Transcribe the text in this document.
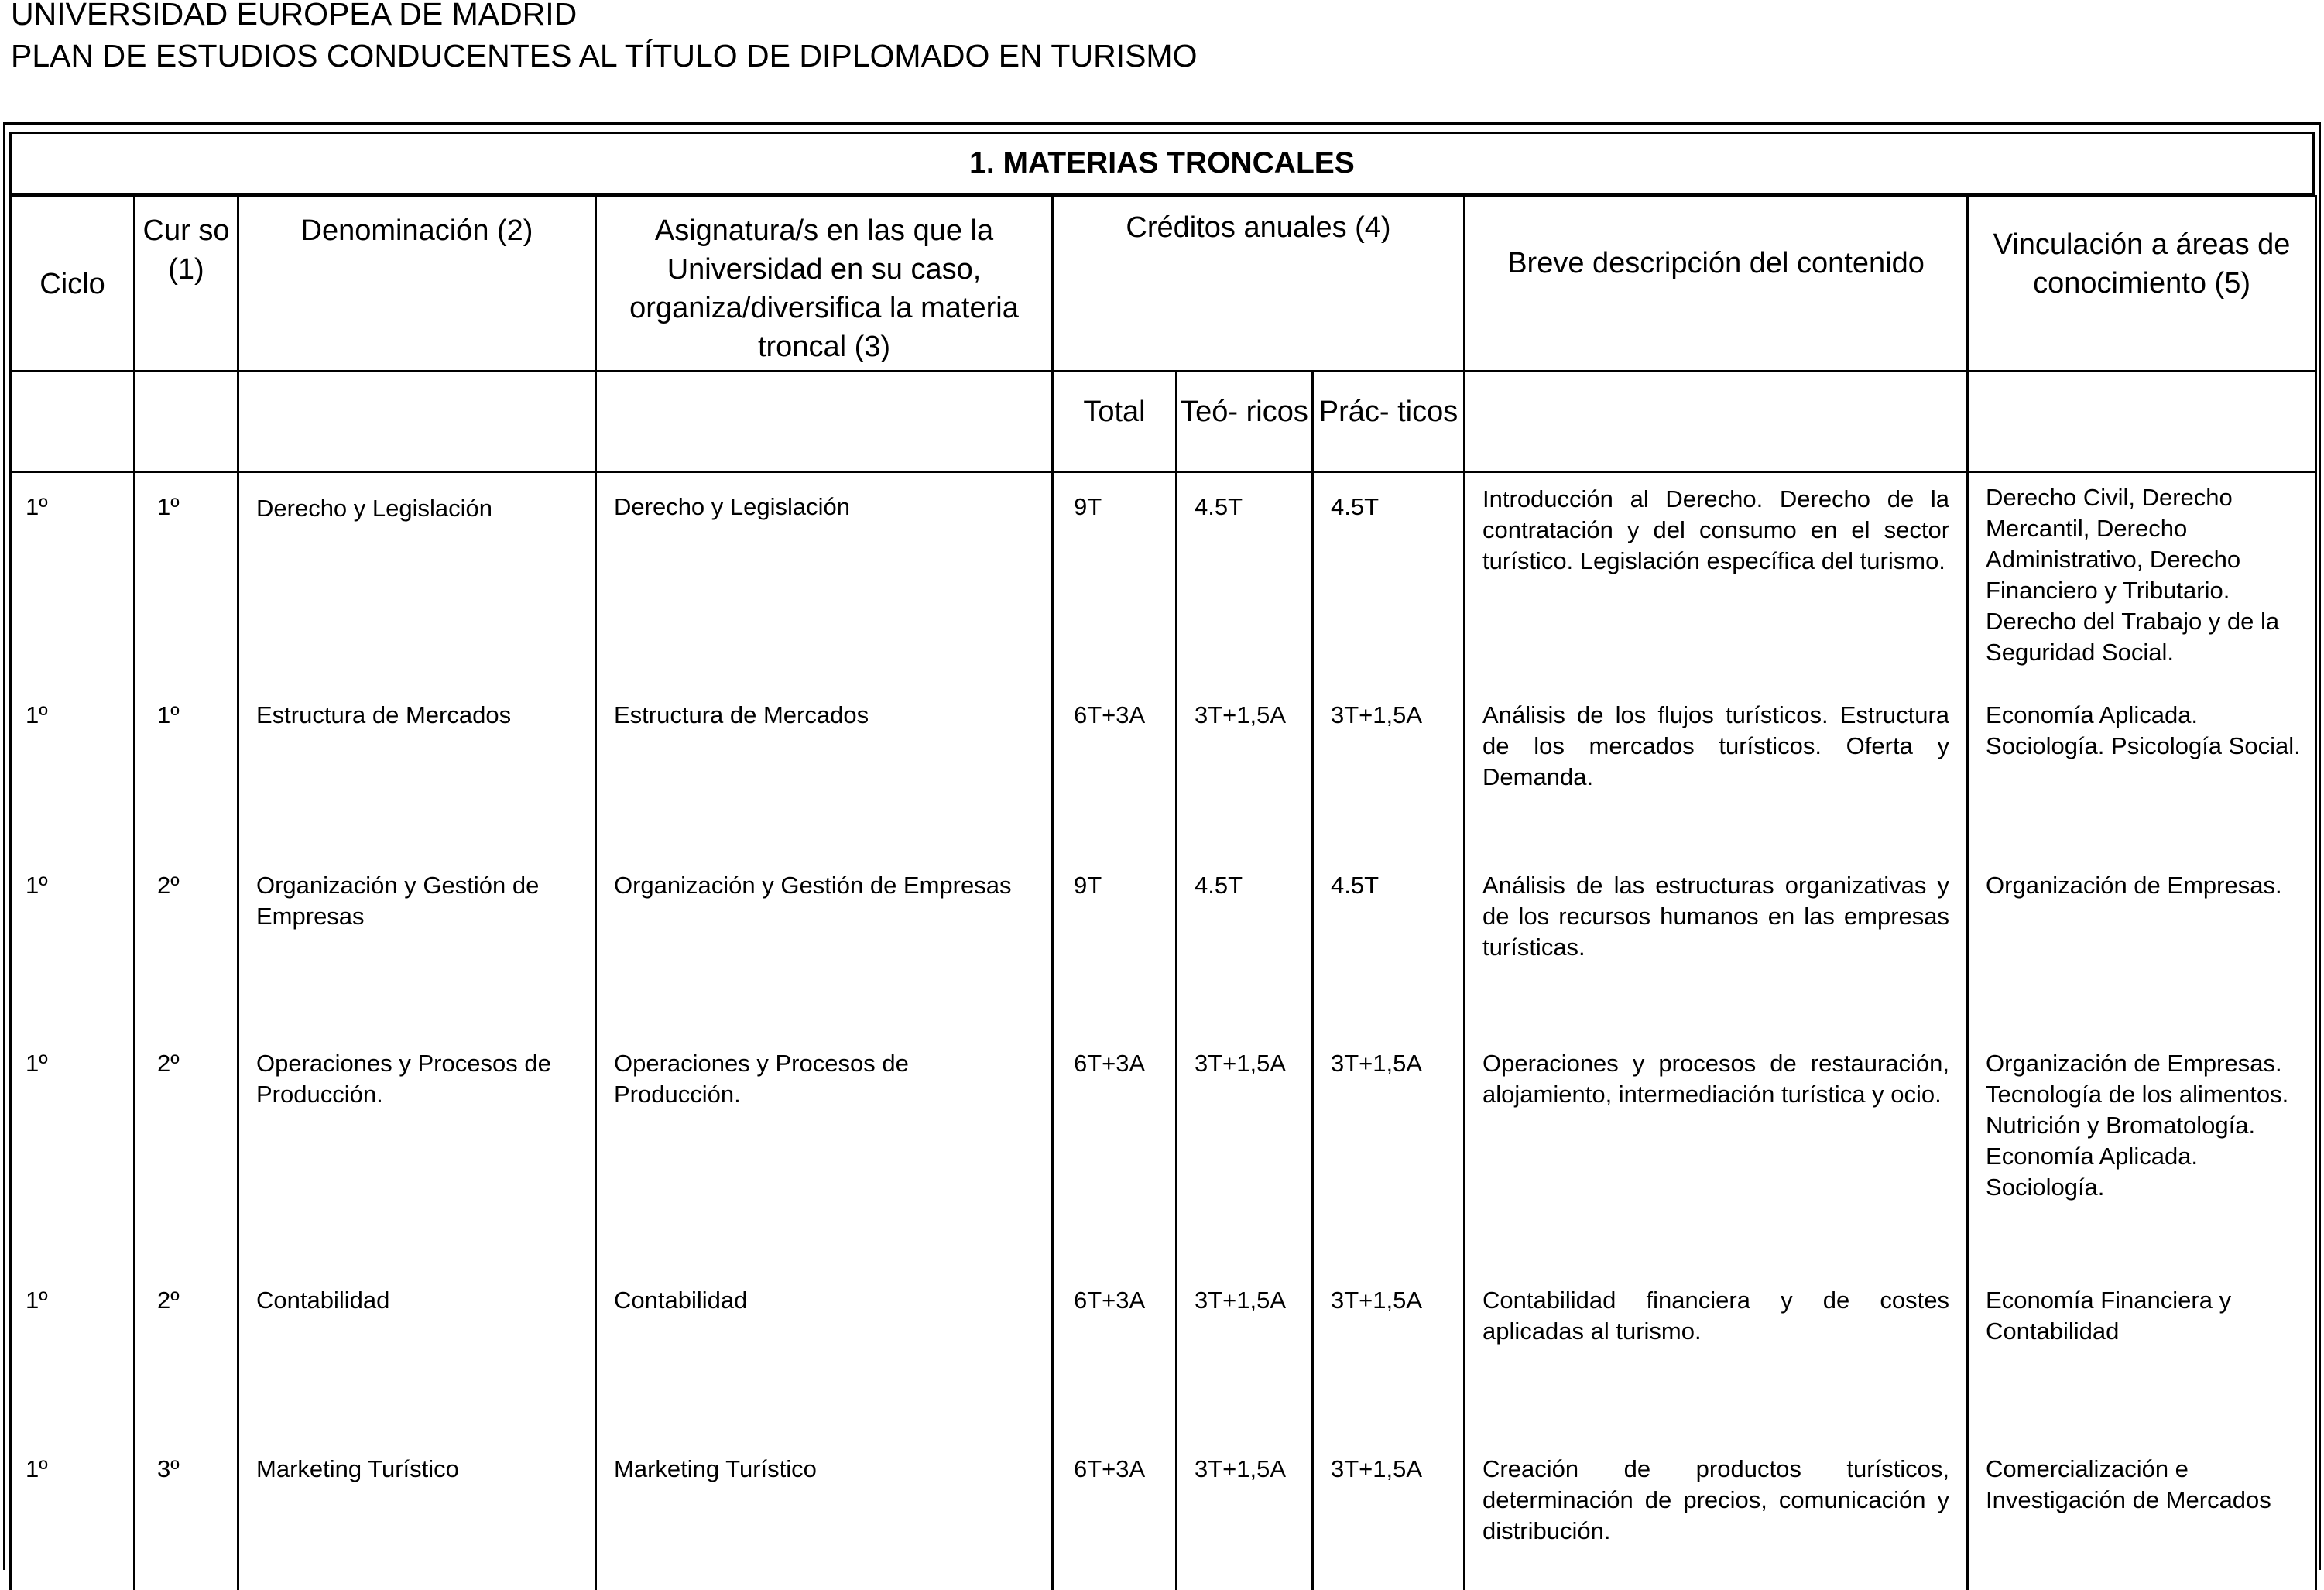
UNIVERSIDAD EUROPEA DE MADRID
PLAN DE ESTUDIOS CONDUCENTES AL TÍTULO DE DIPLOMADO EN TURISMO
1. MATERIAS TRONCALES
Ciclo	Cur so (1)	Denominación (2)	Asignatura/s en las que la Universidad en su caso, organiza/diversifica la materia troncal (3)	Créditos anuales (4)			Breve descripción del contenido	Vinculación a áreas de conocimiento (5)
				Total	Teó- ricos	Prác- ticos		
1º	1º	Derecho y Legislación	Derecho y Legislación	9T	4.5T	4.5T	Introducción al Derecho. Derecho de la contratación y del consumo en el sector turístico. Legislación específica del turismo.	Derecho Civil, Derecho Mercantil, Derecho Administrativo, Derecho Financiero y Tributario. Derecho del Trabajo y de la Seguridad Social.
1º	1º	Estructura de Mercados	Estructura de Mercados	6T+3A	3T+1,5A	3T+1,5A	Análisis de los flujos turísticos. Estructura de los mercados turísticos. Oferta y Demanda.	Economía Aplicada. Sociología. Psicología Social.
1º	2º	Organización y Gestión de Empresas	Organización y Gestión de Empresas	9T	4.5T	4.5T	Análisis de las estructuras organizativas y de los recursos humanos en las empresas turísticas.	Organización de Empresas.
1º	2º	Operaciones y Procesos de Producción.	Operaciones y Procesos de Producción.	6T+3A	3T+1,5A	3T+1,5A	Operaciones y procesos de restauración, alojamiento, intermediación turística y ocio.	Organización de Empresas. Tecnología de los alimentos. Nutrición y Bromatología. Economía Aplicada. Sociología.
1º	2º	Contabilidad	Contabilidad	6T+3A	3T+1,5A	3T+1,5A	Contabilidad financiera y de costes aplicadas al turismo.	Economía Financiera y Contabilidad
1º	3º	Marketing Turístico	Marketing Turístico	6T+3A	3T+1,5A	3T+1,5A	Creación de productos turísticos, determinación de precios, comunicación y distribución.	Comercialización e Investigación de Mercados
